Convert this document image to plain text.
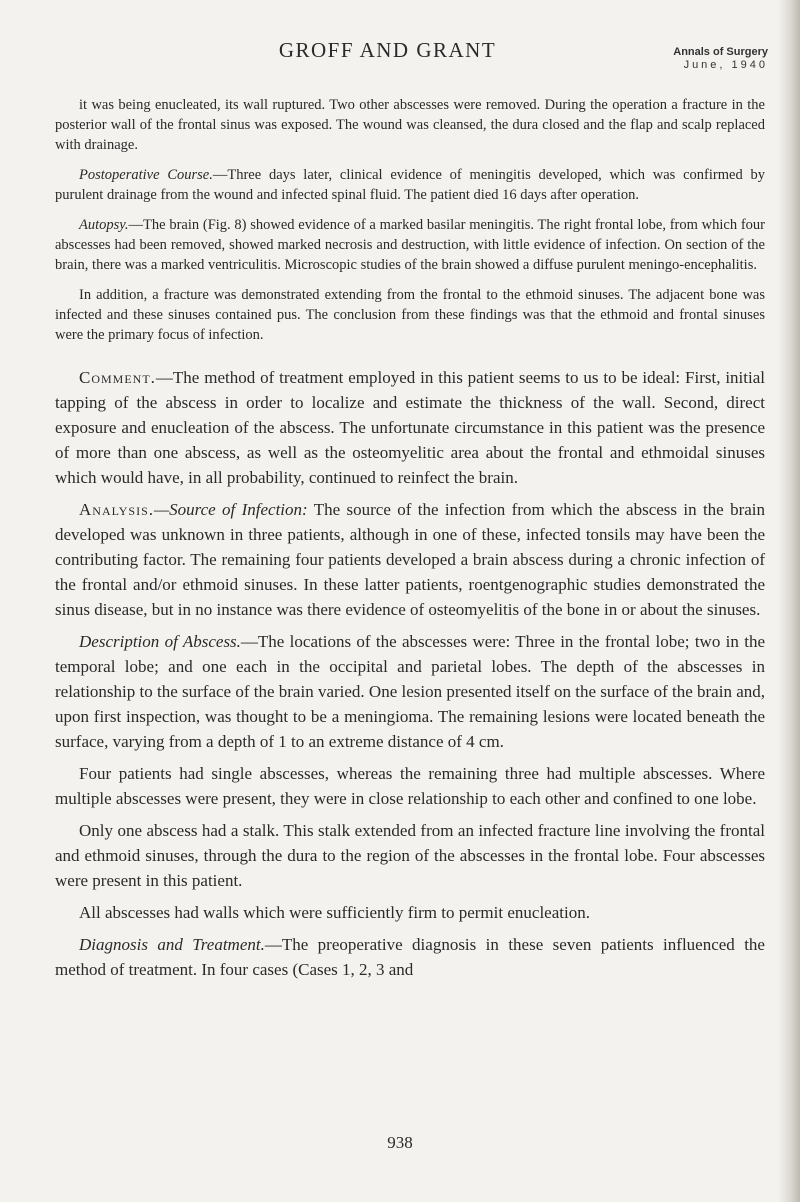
GROFF AND GRANT	Annals of Surgery
June, 1940

it was being enucleated, its wall ruptured. Two other abscesses were removed. During the operation a fracture in the posterior wall of the frontal sinus was exposed. The wound was cleansed, the dura closed and the flap and scalp replaced with drainage.

Postoperative Course.—Three days later, clinical evidence of meningitis developed, which was confirmed by purulent drainage from the wound and infected spinal fluid. The patient died 16 days after operation.

Autopsy.—The brain (Fig. 8) showed evidence of a marked basilar meningitis. The right frontal lobe, from which four abscesses had been removed, showed marked necrosis and destruction, with little evidence of infection. On section of the brain, there was a marked ventriculitis. Microscopic studies of the brain showed a diffuse purulent meningo-encephalitis.

In addition, a fracture was demonstrated extending from the frontal to the ethmoid sinuses. The adjacent bone was infected and these sinuses contained pus. The conclusion from these findings was that the ethmoid and frontal sinuses were the primary focus of infection.

Comment.—The method of treatment employed in this patient seems to us to be ideal: First, initial tapping of the abscess in order to localize and estimate the thickness of the wall. Second, direct exposure and enucleation of the abscess. The unfortunate circumstance in this patient was the presence of more than one abscess, as well as the osteomyelitic area about the frontal and ethmoidal sinuses which would have, in all probability, continued to reinfect the brain.

Analysis.—Source of Infection: The source of the infection from which the abscess in the brain developed was unknown in three patients, although in one of these, infected tonsils may have been the contributing factor. The remaining four patients developed a brain abscess during a chronic infection of the frontal and/or ethmoid sinuses. In these latter patients, roentgenographic studies demonstrated the sinus disease, but in no instance was there evidence of osteomyelitis of the bone in or about the sinuses.

Description of Abscess.—The locations of the abscesses were: Three in the frontal lobe; two in the temporal lobe; and one each in the occipital and parietal lobes. The depth of the abscesses in relationship to the surface of the brain varied. One lesion presented itself on the surface of the brain and, upon first inspection, was thought to be a meningioma. The remaining lesions were located beneath the surface, varying from a depth of 1 to an extreme distance of 4 cm.

Four patients had single abscesses, whereas the remaining three had multiple abscesses. Where multiple abscesses were present, they were in close relationship to each other and confined to one lobe.

Only one abscess had a stalk. This stalk extended from an infected fracture line involving the frontal and ethmoid sinuses, through the dura to the region of the abscesses in the frontal lobe. Four abscesses were present in this patient.

All abscesses had walls which were sufficiently firm to permit enucleation.

Diagnosis and Treatment.—The preoperative diagnosis in these seven patients influenced the method of treatment. In four cases (Cases 1, 2, 3 and

938
